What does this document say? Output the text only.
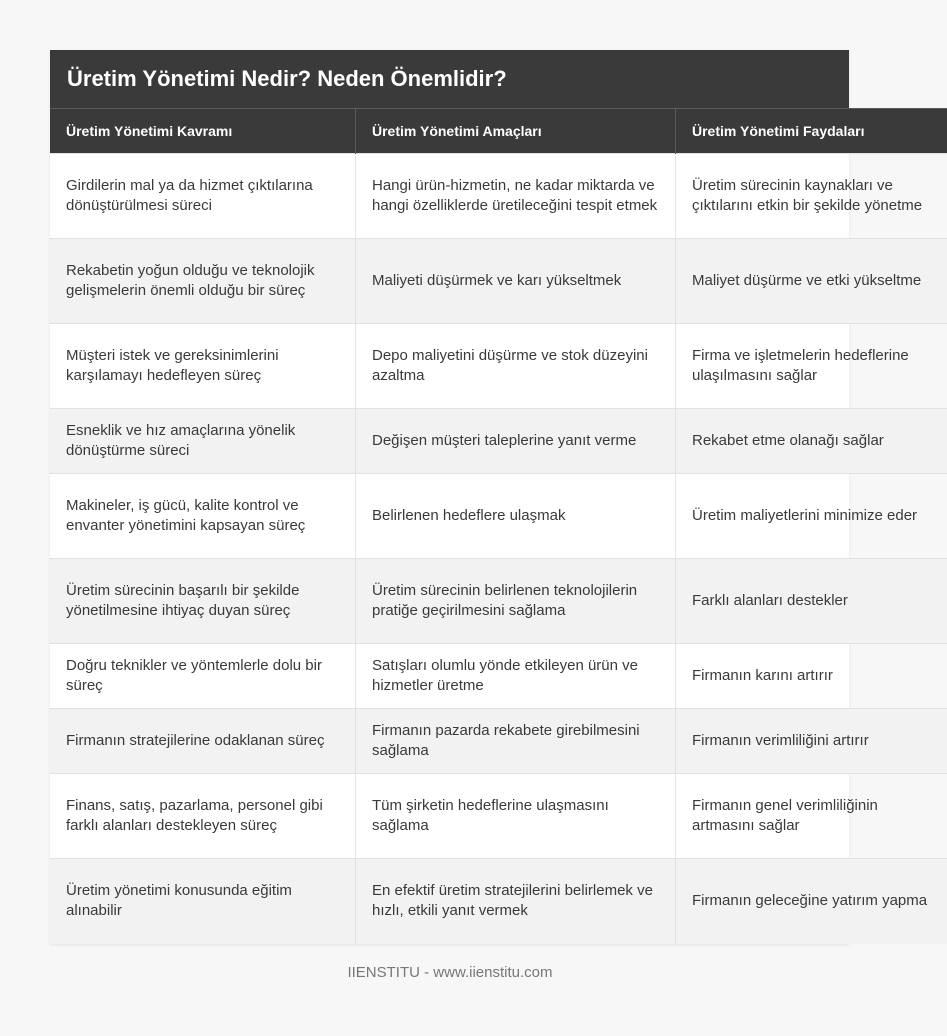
Üretim Yönetimi Nedir? Neden Önemlidir?
Üretim Yönetimi Kavramı	Üretim Yönetimi Amaçları	Üretim Yönetimi Faydaları
Girdilerin mal ya da hizmet çıktılarına dönüştürülmesi süreci	Hangi ürün-hizmetin, ne kadar miktarda ve hangi özelliklerde üretileceğini tespit etmek	Üretim sürecinin kaynakları ve çıktılarını etkin bir şekilde yönetme
Rekabetin yoğun olduğu ve teknolojik gelişmelerin önemli olduğu bir süreç	Maliyeti düşürmek ve karı yükseltmek	Maliyet düşürme ve etki yükseltme
Müşteri istek ve gereksinimlerini karşılamayı hedefleyen süreç	Depo maliyetini düşürme ve stok düzeyini azaltma	Firma ve işletmelerin hedeflerine ulaşılmasını sağlar
Esneklik ve hız amaçlarına yönelik dönüştürme süreci	Değişen müşteri taleplerine yanıt verme	Rekabet etme olanağı sağlar
Makineler, iş gücü, kalite kontrol ve envanter yönetimini kapsayan süreç	Belirlenen hedeflere ulaşmak	Üretim maliyetlerini minimize eder
Üretim sürecinin başarılı bir şekilde yönetilmesine ihtiyaç duyan süreç	Üretim sürecinin belirlenen teknolojilerin pratiğe geçirilmesini sağlama	Farklı alanları destekler
Doğru teknikler ve yöntemlerle dolu bir süreç	Satışları olumlu yönde etkileyen ürün ve hizmetler üretme	Firmanın karını artırır
Firmanın stratejilerine odaklanan süreç	Firmanın pazarda rekabete girebilmesini sağlama	Firmanın verimliliğini artırır
Finans, satış, pazarlama, personel gibi farklı alanları destekleyen süreç	Tüm şirketin hedeflerine ulaşmasını sağlama	Firmanın genel verimliliğinin artmasını sağlar
Üretim yönetimi konusunda eğitim alınabilir	En efektif üretim stratejilerini belirlemek ve hızlı, etkili yanıt vermek	Firmanın geleceğine yatırım yapma
IIENSTITU - www.iienstitu.com
